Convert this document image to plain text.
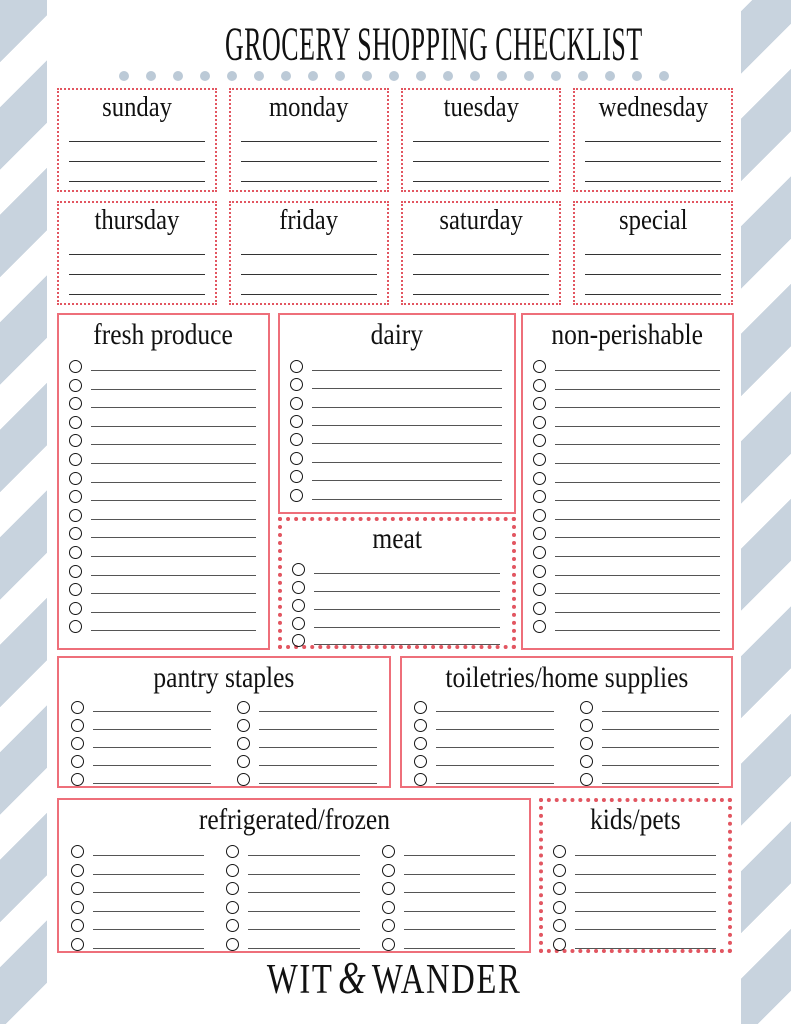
GROCERY SHOPPING CHECKLIST
sunday	monday	tuesday	wednesday
thursday	friday	saturday	special
fresh produce	dairy
meat
non-perishable
pantry staples	toiletries/home supplies
refrigerated/frozen	kids/pets
WIT & WANDER
